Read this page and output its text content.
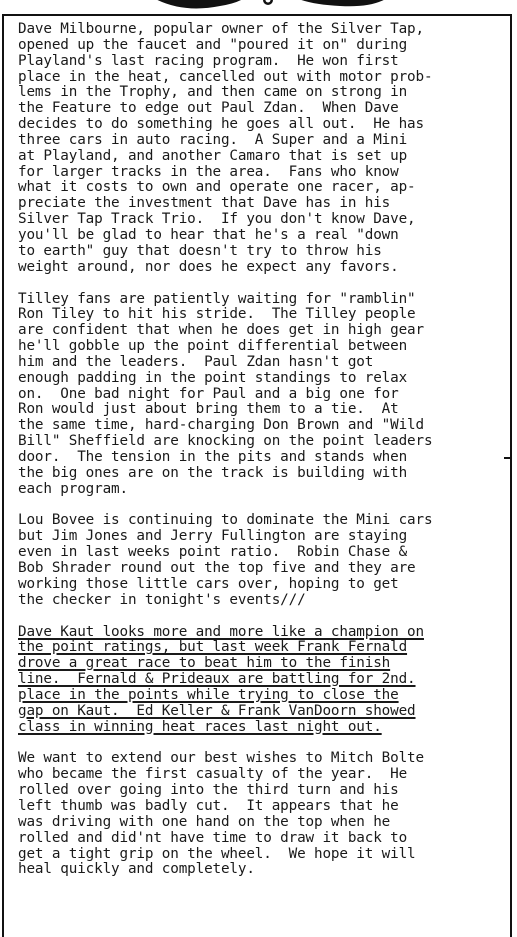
Dave Milbourne, popular owner of the Silver Tap,
opened up the faucet and "poured it on" during
Playland's last racing program.  He won first
place in the heat, cancelled out with motor prob-
lems in the Trophy, and then came on strong in
the Feature to edge out Paul Zdan.  When Dave
decides to do something he goes all out.  He has
three cars in auto racing.  A Super and a Mini
at Playland, and another Camaro that is set up
for larger tracks in the area.  Fans who know
what it costs to own and operate one racer, ap-
preciate the investment that Dave has in his
Silver Tap Track Trio.  If you don't know Dave,
you'll be glad to hear that he's a real "down
to earth" guy that doesn't try to throw his
weight around, nor does he expect any favors.
Tilley fans are patiently waiting for "ramblin"
Ron Tiley to hit his stride.  The Tilley people
are confident that when he does get in high gear
he'll gobble up the point differential between
him and the leaders.  Paul Zdan hasn't got
enough padding in the point standings to relax
on.  One bad night for Paul and a big one for
Ron would just about bring them to a tie.  At
the same time, hard-charging Don Brown and "Wild
Bill" Sheffield are knocking on the point leaders
door.  The tension in the pits and stands when
the big ones are on the track is building with
each program.
Lou Bovee is continuing to dominate the Mini cars
but Jim Jones and Jerry Fullington are staying
even in last weeks point ratio.  Robin Chase &
Bob Shrader round out the top five and they are
working those little cars over, hoping to get
the checker in tonight's events///
Dave Kaut looks more and more like a champion on
the point ratings, but last week Frank Fernald
drove a great race to beat him to the finish
line.  Fernald & Prideaux are battling for 2nd.
place in the points while trying to close the
gap on Kaut.  Ed Keller & Frank VanDoorn showed
class in winning heat races last night out.
We want to extend our best wishes to Mitch Bolte
who became the first casualty of the year.  He
rolled over going into the third turn and his
left thumb was badly cut.  It appears that he
was driving with one hand on the top when he
rolled and did'nt have time to draw it back to
get a tight grip on the wheel.  We hope it will
heal quickly and completely.
